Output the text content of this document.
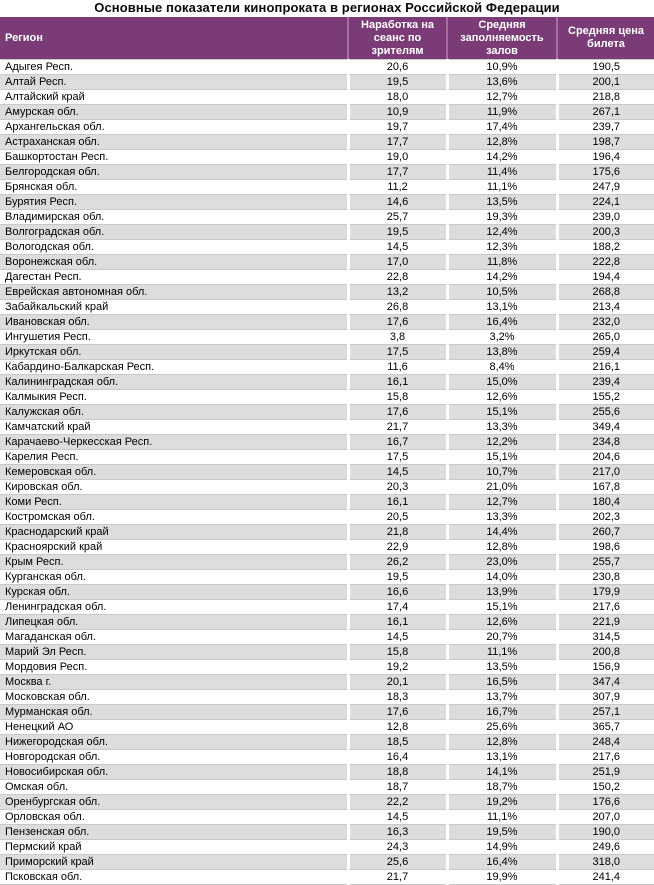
Основные показатели кинопроката в регионах Российской Федерации
Регион	Наработка на сеанс по зрителям	Средняя заполняемость залов	Средняя цена билета
Адыгея Респ.	20,6	10,9%	190,5
Алтай Респ.	19,5	13,6%	200,1
Алтайский край	18,0	12,7%	218,8
Амурская обл.	10,9	11,9%	267,1
Архангельская обл.	19,7	17,4%	239,7
Астраханская обл.	17,7	12,8%	198,7
Башкортостан Респ.	19,0	14,2%	196,4
Белгородская обл.	17,7	11,4%	175,6
Брянская обл.	11,2	11,1%	247,9
Бурятия Респ.	14,6	13,5%	224,1
Владимирская обл.	25,7	19,3%	239,0
Волгоградская обл.	19,5	12,4%	200,3
Вологодская обл.	14,5	12,3%	188,2
Воронежская обл.	17,0	11,8%	222,8
Дагестан Респ.	22,8	14,2%	194,4
Еврейская автономная обл.	13,2	10,5%	268,8
Забайкальский край	26,8	13,1%	213,4
Ивановская обл.	17,6	16,4%	232,0
Ингушетия Респ.	3,8	3,2%	265,0
Иркутская обл.	17,5	13,8%	259,4
Кабардино-Балкарская Респ.	11,6	8,4%	216,1
Калининградская обл.	16,1	15,0%	239,4
Калмыкия Респ.	15,8	12,6%	155,2
Калужская обл.	17,6	15,1%	255,6
Камчатский край	21,7	13,3%	349,4
Карачаево-Черкесская Респ.	16,7	12,2%	234,8
Карелия Респ.	17,5	15,1%	204,6
Кемеровская обл.	14,5	10,7%	217,0
Кировская обл.	20,3	21,0%	167,8
Коми Респ.	16,1	12,7%	180,4
Костромская обл.	20,5	13,3%	202,3
Краснодарский край	21,8	14,4%	260,7
Красноярский край	22,9	12,8%	198,6
Крым Респ.	26,2	23,0%	255,7
Курганская обл.	19,5	14,0%	230,8
Курская обл.	16,6	13,9%	179,9
Ленинградская обл.	17,4	15,1%	217,6
Липецкая обл.	16,1	12,6%	221,9
Магаданская обл.	14,5	20,7%	314,5
Марий Эл Респ.	15,8	11,1%	200,8
Мордовия Респ.	19,2	13,5%	156,9
Москва г.	20,1	16,5%	347,4
Московская обл.	18,3	13,7%	307,9
Мурманская обл.	17,6	16,7%	257,1
Ненецкий АО	12,8	25,6%	365,7
Нижегородская обл.	18,5	12,8%	248,4
Новгородская обл.	16,4	13,1%	217,6
Новосибирская обл.	18,8	14,1%	251,9
Омская обл.	18,7	18,7%	150,2
Оренбургская обл.	22,2	19,2%	176,6
Орловская обл.	14,5	11,1%	207,0
Пензенская обл.	16,3	19,5%	190,0
Пермский край	24,3	14,9%	249,6
Приморский край	25,6	16,4%	318,0
Псковская обл.	21,7	19,9%	241,4
